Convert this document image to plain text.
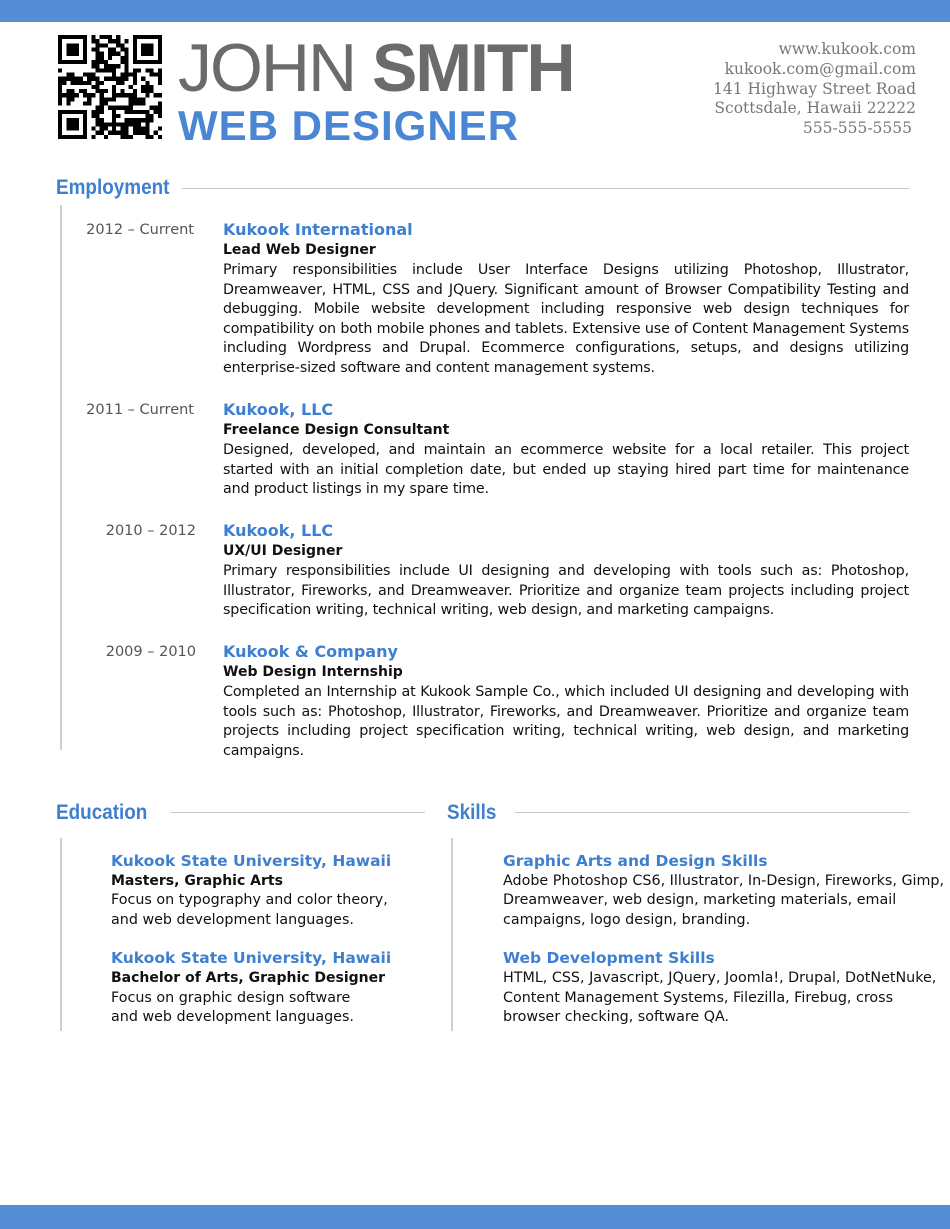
JOHN SMITH
WEB DESIGNER
www.kukook.com
kukook.com@gmail.com
141 Highway Street Road
Scottsdale, Hawaii 22222
555-555-5555
Employment
2012 – Current Kukook International
Lead Web Designer
Primary responsibilities include User Interface Designs utilizing Photoshop, Illustrator, Dreamweaver, HTML, CSS and JQuery. Significant amount of Browser Compatibility Testing and debugging. Mobile website development including responsive web design techniques for compatibility on both mobile phones and tablets. Extensive use of Content Management Systems including Wordpress and Drupal. Ecommerce configurations, setups, and designs utilizing enterprise-sized software and content management systems.
2011 – Current Kukook, LLC
Freelance Design Consultant
Designed, developed, and maintain an ecommerce website for a local retailer. This project started with an initial completion date, but ended up staying hired part time for maintenance and product listings in my spare time.
2010 – 2012 Kukook, LLC
UX/UI Designer
Primary responsibilities include UI designing and developing with tools such as: Photoshop, Illustrator, Fireworks, and Dreamweaver. Prioritize and organize team projects including project specification writing, technical writing, web design, and marketing campaigns.
2009 – 2010 Kukook & Company
Web Design Internship
Completed an Internship at Kukook Sample Co., which included UI designing and developing with tools such as: Photoshop, Illustrator, Fireworks, and Dreamweaver. Prioritize and organize team projects including project specification writing, technical writing, web design, and marketing campaigns.
Education
Kukook State University, Hawaii
Masters, Graphic Arts
Focus on typography and color theory,
and web development languages.
Kukook State University, Hawaii
Bachelor of Arts, Graphic Designer
Focus on graphic design software
and web development languages.
Skills
Graphic Arts and Design Skills
Adobe Photoshop CS6, Illustrator, In-Design, Fireworks, Gimp,
Dreamweaver, web design, marketing materials, email
campaigns, logo design, branding.
Web Development Skills
HTML, CSS, Javascript, JQuery, Joomla!, Drupal, DotNetNuke,
Content Management Systems, Filezilla, Firebug, cross
browser checking, software QA.
